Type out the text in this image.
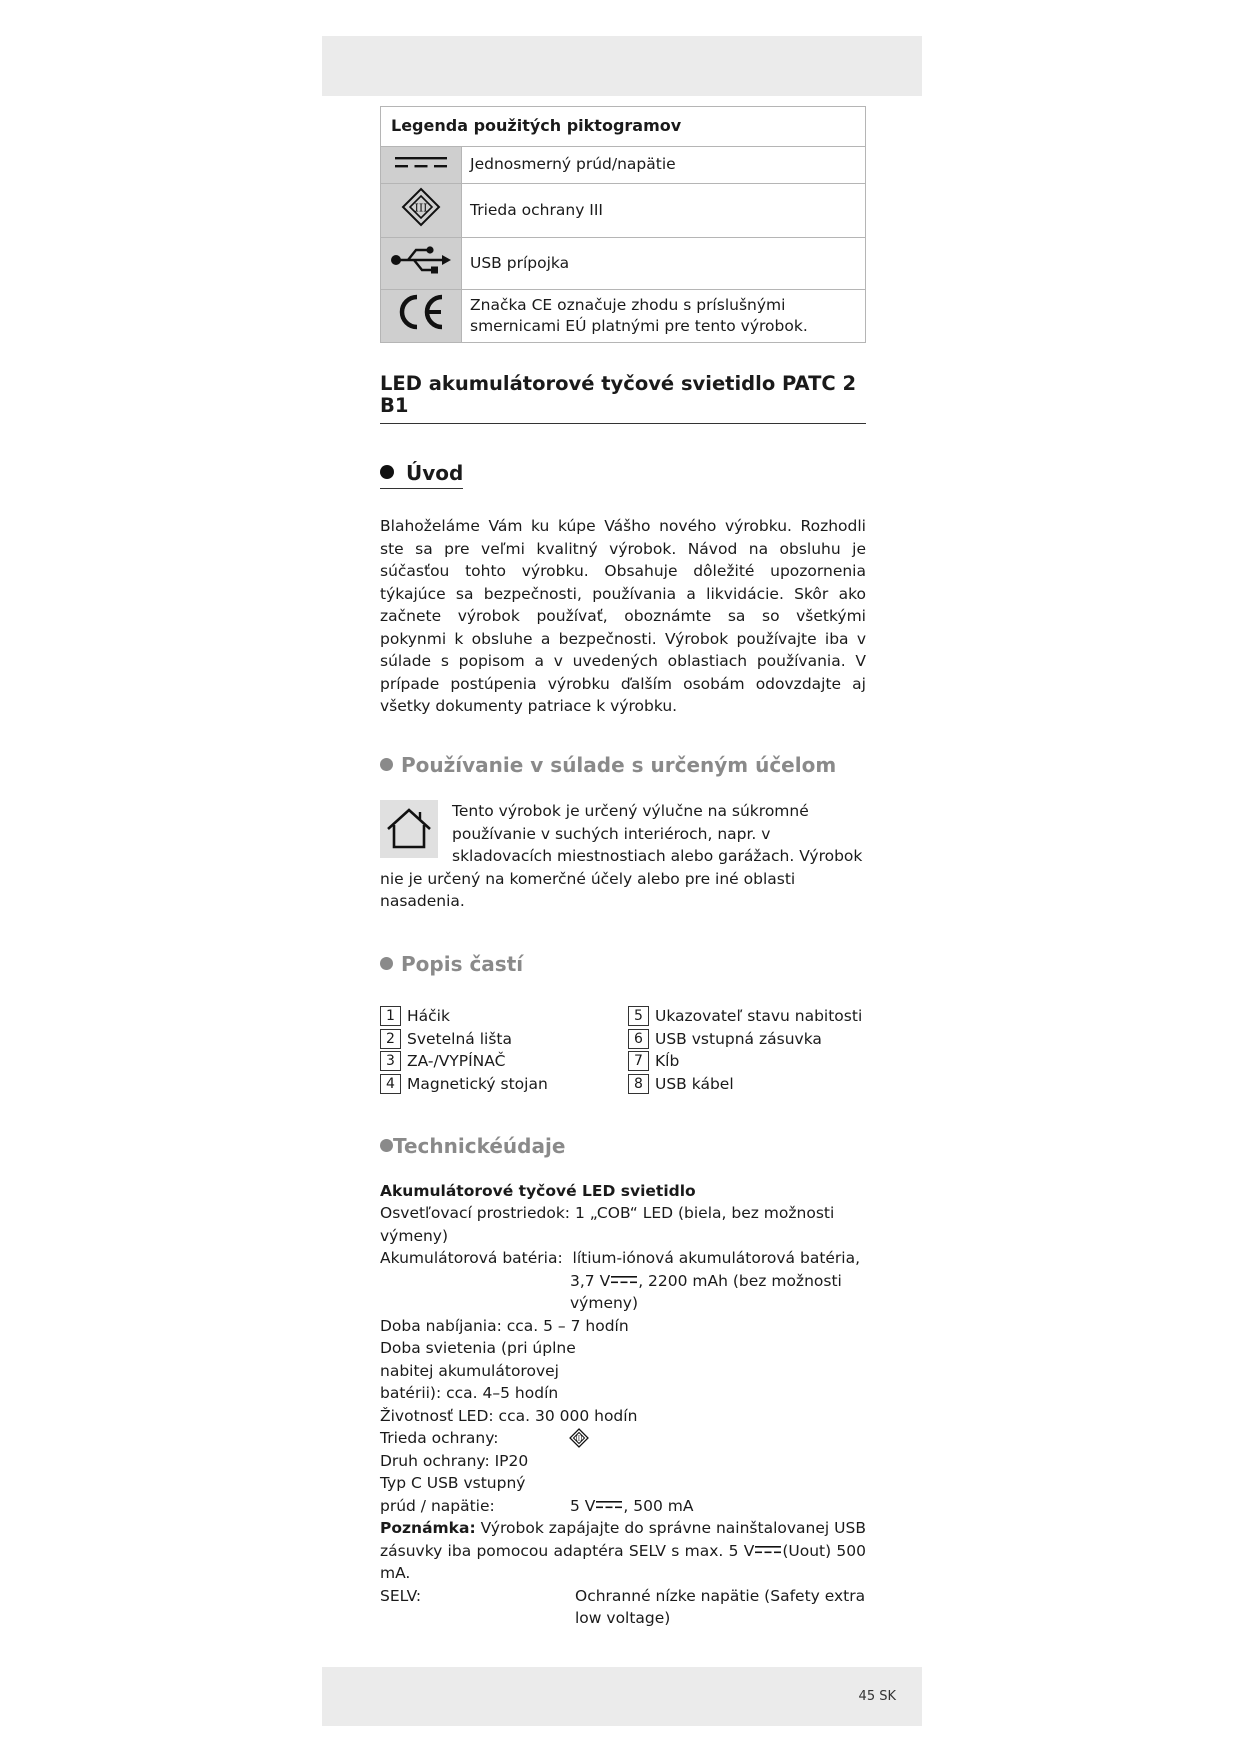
Legenda použitých piktogramov	
	Jednosmerný prúd/napätie

III	Trieda ochrany III
	USB prípojka
	Značka CE označuje zhodu s príslušnými smernicami EÚ platnými pre tento výrobok.
LED akumulátorové tyčové svietidlo PATC 2 B1
Úvod

Blahoželáme Vám ku kúpe Vášho nového výrobku. Rozhodli ste sa pre veľmi kvalitný výrobok. Návod na obsluhu je súčasťou tohto výrobku. Obsahuje dôležité upozornenia týkajúce sa bezpečnosti, používania a likvidácie. Skôr ako začnete výrobok používať, oboznámte sa so všetkými pokynmi k obsluhe a bezpečnosti. Výrobok používajte iba v súlade s popisom a v uvedených oblastiach používania. V prípade postúpenia výrobku ďalším osobám odovzdajte aj všetky dokumenty patriace k výrobku.

Používanie v súlade s určeným účelom

Tento výrobok je určený výlučne na súkromné používanie v suchých interiéroch, napr. v skladovacích miestnostiach alebo garážach. Výrobok nie je určený na komerčné účely alebo pre iné oblasti nasadenia.

Popis častí
1 Háčik	5 Ukazovateľ stavu nabitosti
2 Svetelná lišta	6 USB vstupná zásuvka
3 ZA-/VYPÍNAČ	7 Kĺb
4 Magnetický stojan	8 USB kábel
Technickéúdaje

Akumulátorové tyčové LED svietidlo

Osvetľovací prostriedok: 1 „COB“ LED (biela, bez možnosti výmeny)

Akumulátorová batéria: lítium-iónová akumulátorová batéria,

3,7 V , 2200 mAh (bez možnosti

výmeny)

Doba nabíjania: cca. 5 – 7 hodín

Doba svietenia (pri úplne

nabitej akumulátorovej

batérii): cca. 4–5 hodín

Životnosť LED: cca. 30 000 hodín

Trieda ochrany:	III

Druh ochrany: IP20

Typ C USB vstupný

prúd / napätie:	5 V , 500 mA

Poznámka: Výrobok zapájajte do správne nainštalovanej USB zásuvky iba pomocou adaptéra SELV s max. 5 V (Uout) 500 mA.

SELV:	Ochranné nízke napätie (Safety extra low voltage)
45 SK
